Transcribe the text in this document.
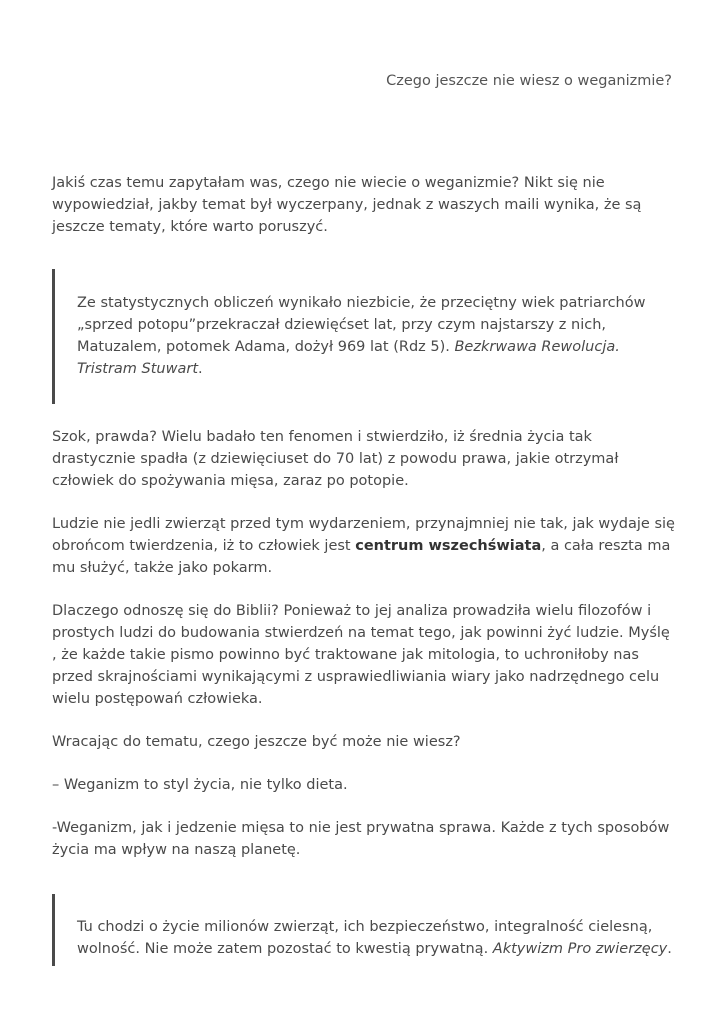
Czego jeszcze nie wiesz o weganizmie?

Jakiś czas temu zapytałam was, czego nie wiecie o weganizmie? Nikt się nie wypowiedział, jakby temat był wyczerpany, jednak z waszych maili wynika, że są jeszcze tematy, które warto poruszyć.

Ze statystycznych obliczeń wynikało niezbicie, że przeciętny wiek patriarchów „sprzed potopu”przekraczał dziewięćset lat, przy czym najstarszy z nich, Matuzalem, potomek Adama, dożył 969 lat (Rdz 5). Bezkrwawa Rewolucja. Tristram Stuwart.

Szok, prawda? Wielu badało ten fenomen i stwierdziło, iż średnia życia tak drastycznie spadła (z dziewięciuset do 70 lat) z powodu prawa, jakie otrzymał człowiek do spożywania mięsa, zaraz po potopie.

Ludzie nie jedli zwierząt przed tym wydarzeniem, przynajmniej nie tak, jak wydaje się obrońcom twierdzenia, iż to człowiek jest centrum wszechświata, a cała reszta ma mu służyć, także jako pokarm.

Dlaczego odnoszę się do Biblii? Ponieważ to jej analiza prowadziła wielu filozofów i prostych ludzi do budowania stwierdzeń na temat tego, jak powinni żyć ludzie. Myślę , że każde takie pismo powinno być traktowane jak mitologia, to uchroniłoby nas przed skrajnościami wynikającymi z usprawiedliwiania wiary jako nadrzędnego celu wielu postępowań człowieka.

Wracając do tematu, czego jeszcze być może nie wiesz?

– Weganizm to styl życia, nie tylko dieta.

-Weganizm, jak i jedzenie mięsa to nie jest prywatna sprawa. Każde z tych sposobów życia ma wpływ na naszą planetę.

Tu chodzi o życie milionów zwierząt, ich bezpieczeństwo, integralność cielesną, wolność. Nie może zatem pozostać to kwestią prywatną. Aktywizm Pro zwierzęcy.
